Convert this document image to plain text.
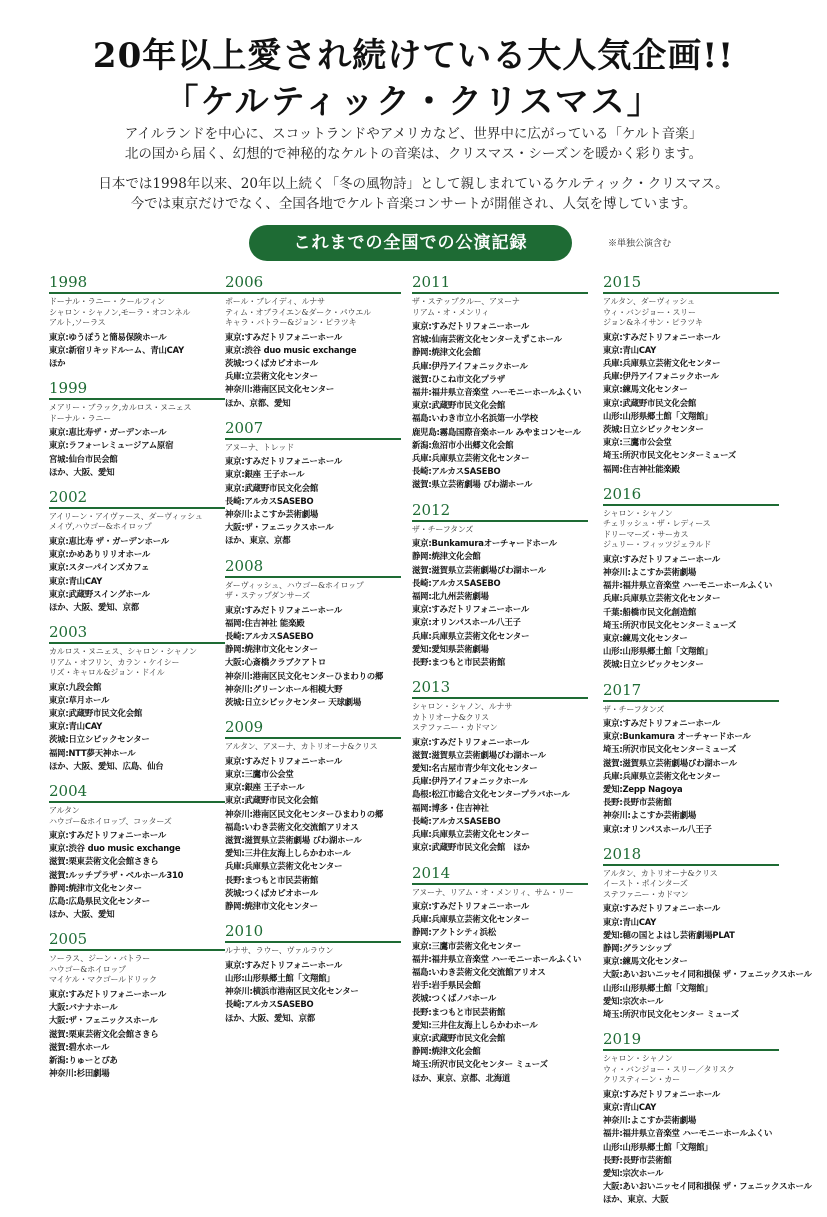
20年以上愛され続けている大人気企画!!
「ケルティック・クリスマス」
アイルランドを中心に、スコットランドやアメリカなど、世界中に広がっている「ケルト音楽」
北の国から届く、幻想的で神秘的なケルトの音楽は、クリスマス・シーズンを暖かく彩ります。
日本では1998年以来、20年以上続く「冬の風物詩」として親しまれているケルティック・クリスマス。
今では東京だけでなく、全国各地でケルト音楽コンサートが開催され、人気を博しています。
これまでの全国での公演記録	※単独公演含む
1998
ドーナル・ラニー・クールフィン
シャロン・シャノン,モーラ・オコンネル
アルト,ソーラス
東京:ゆうぽうと簡易保険ホール
東京:新宿リキッドルーム、青山CAY
ほか
1999
メアリー・ブラック,カルロス・ヌニェス
ドーナル・ラニー
東京:恵比寿ザ・ガーデンホール
東京:ラフォーレミュージアム原宿
宮城:仙台市民会館
ほか、大阪、愛知
2002
アイリーン・アイヴァース、ダーヴィッシュ
メイヴ,ハウゴー&ホイロップ
東京:恵比寿 ザ・ガーデンホール
東京:かめありリリオホール
東京:スターパインズカフェ
東京:青山CAY
東京:武蔵野スイングホール
ほか、大阪、愛知、京都
2003
カルロス・ヌニェス、シャロン・シャノン
リアム・オフリン、カラン・ケイシー
リズ・キャロル&ジョン・ドイル
東京:九段会館
東京:草月ホール
東京:武蔵野市民文化会館
東京:青山CAY
茨城:日立シビックセンター
福岡:NTT夢天神ホール
ほか、大阪、愛知、広島、仙台
2004
アルタン
ハウゴー&ホイロップ、コッターズ
東京:すみだトリフォニーホール
東京:渋谷 duo music exchange
滋賀:栗東芸術文化会館さきら
滋賀:ルッチプラザ・ベルホール310
静岡:焼津市文化センター
広島:広島県民文化センター
ほか、大阪、愛知
2005
ソーラス、ジーン・バトラー
ハウゴー&ホイロップ
マイケル・マクゴールドリック
東京:すみだトリフォニーホール
大阪:バナナホール
大阪:ザ・フェニックスホール
滋賀:栗東芸術文化会館さきら
滋賀:碧水ホール
新潟:りゅーとぴあ
神奈川:杉田劇場
2006
ポール・ブレイディ、ルナサ
ティム・オブライエン&ダーク・パウエル
キャラ・バトラー&ジョン・ピラツキ
東京:すみだトリフォニーホール
東京:渋谷 duo music exchange
茨城:つくばカピオホール
兵庫:立芸術文化センター
神奈川:港南区民文化センター
ほか、京都、愛知
2007
アヌーナ、トレッド
東京:すみだトリフォニーホール
東京:銀座 王子ホール
東京:武蔵野市民文化会館
長崎:アルカスSASEBO
神奈川:よこすか芸術劇場
大阪:ザ・フェニックスホール
ほか、東京、京都
2008
ダーヴィッシュ、ハウゴー&ホイロップ
ザ・ステップダンサーズ
東京:すみだトリフォニーホール
福岡:住吉神社 能楽殿
長崎:アルカスSASEBO
静岡:焼津市文化センター
大阪:心斎橋クラブクアトロ
神奈川:港南区民文化センターひまわりの郷
神奈川:グリーンホール相模大野
茨城:日立シビックセンター 天球劇場
2009
アルタン、アヌーナ、カトリオーナ&クリス
東京:すみだトリフォニーホール
東京:三鷹市公会堂
東京:銀座 王子ホール
東京:武蔵野市民文化会館
神奈川:港南区民文化センターひまわりの郷
福島:いわき芸術文化交流館アリオス
滋賀:滋賀県立芸術劇場 びわ湖ホール
愛知:三井住友海上しらかわホール
兵庫:兵庫県立芸術文化センター
長野:まつもと市民芸術館
茨城:つくばカピオホール
静岡:焼津市文化センター
2010
ルナサ、ラウー、ヴァルラウン
東京:すみだトリフォニーホール
山形:山形県郷土館「文翔館」
神奈川:横浜市港南区民文化センター
長崎:アルカスSASEBO
ほか、大阪、愛知、京都
2011
ザ・ステップクルー、アヌーナ
リアム・オ・メンリィ
東京:すみだトリフォニーホール
宮城:仙南芸術文化センターえずこホール
静岡:焼津文化会館
兵庫:伊丹アイフォニックホール
滋賀:ひこね市文化プラザ
福井:福井県立音楽堂 ハーモニーホールふくい
東京:武蔵野市民文化会館
福島:いわき市立小名浜第一小学校
鹿児島:霧島国際音楽ホール みやまコンセール
新潟:魚沼市小出郷文化会館
兵庫:兵庫県立芸術文化センター
長崎:アルカスSASEBO
滋賀:県立芸術劇場 びわ湖ホール
2012
ザ・チーフタンズ
東京:Bunkamuraオーチャードホール
静岡:焼津文化会館
滋賀:滋賀県立芸術劇場びわ湖ホール
長崎:アルカスSASEBO
福岡:北九州芸術劇場
東京:すみだトリフォニーホール
東京:オリンパスホール八王子
兵庫:兵庫県立芸術文化センター
愛知:愛知県芸術劇場
長野:まつもと市民芸術館
2013
シャロン・シャノン、ルナサ
カトリオーナ&クリス
ステファニー・カドマン
東京:すみだトリフォニーホール
滋賀:滋賀県立芸術劇場びわ湖ホール
愛知:名古屋市青少年文化センター
兵庫:伊丹アイフォニックホール
島根:松江市総合文化センタープラバホール
福岡:博多・住吉神社
長崎:アルカスSASEBO
兵庫:兵庫県立芸術文化センター
東京:武蔵野市民文化会館　ほか
2014
アヌーナ、リアム・オ・メンリィ、サム・リー
東京:すみだトリフォニーホール
兵庫:兵庫県立芸術文化センター
静岡:アクトシティ浜松
東京:三鷹市芸術文化センター
福井:福井県立音楽堂 ハーモニーホールふくい
福島:いわき芸術文化交流館アリオス
岩手:岩手県民会館
茨城:つくばノバホール
長野:まつもと市民芸術館
愛知:三井住友海上しらかわホール
東京:武蔵野市民文化会館
静岡:焼津文化会館
埼玉:所沢市民文化センター ミューズ
ほか、東京、京都、北海道
2015
アルタン、ダーヴィッシュ
ウィ・バンジョー・スリー
ジョン&ネイサン・ピラツキ
東京:すみだトリフォニーホール
東京:青山CAY
兵庫:兵庫県立芸術文化センター
兵庫:伊丹アイフォニックホール
東京:練馬文化センター
東京:武蔵野市民文化会館
山形:山形県郷土館「文翔館」
茨城:日立シビックセンター
東京:三鷹市公会堂
埼玉:所沢市民文化センターミューズ
福岡:住吉神社能楽殿
2016
シャロン・シャノン
チェリッシュ・ザ・レディース
ドリーマーズ・サーカス
ジュリー・フィッツジェラルド
東京:すみだトリフォニーホール
神奈川:よこすか芸術劇場
福井:福井県立音楽堂 ハーモニーホールふくい
兵庫:兵庫県立芸術文化センター
千葉:船橋市民文化創造館
埼玉:所沢市民文化センターミューズ
東京:練馬文化センター
山形:山形県郷土館「文翔館」
茨城:日立シビックセンター
2017
ザ・チーフタンズ
東京:すみだトリフォニーホール
東京:Bunkamura オーチャードホール
埼玉:所沢市民文化センターミューズ
滋賀:滋賀県立芸術劇場びわ湖ホール
兵庫:兵庫県立芸術文化センター
愛知:Zepp Nagoya
長野:長野市芸術館
神奈川:よこすか芸術劇場
東京:オリンパスホール八王子
2018
アルタン、カトリオーナ&クリス
イースト・ポインターズ
ステファニー・カドマン
東京:すみだトリフォニーホール
東京:青山CAY
愛知:穂の国とよはし芸術劇場PLAT
静岡:グランシップ
東京:練馬文化センター
大阪:あいおいニッセイ同和損保 ザ・フェニックスホール
山形:山形県郷土館「文翔館」
愛知:宗次ホール
埼玉:所沢市民文化センター ミューズ
2019
シャロン・シャノン
ウィ・バンジョー・スリー／タリスク
クリスティーン・カー
東京:すみだトリフォニーホール
東京:青山CAY
神奈川:よこすか芸術劇場
福井:福井県立音楽堂 ハーモニーホールふくい
山形:山形県郷土館「文翔館」
長野:長野市芸術館
愛知:宗次ホール
大阪:あいおいニッセイ同和損保 ザ・フェニックスホール
ほか、東京、大阪
